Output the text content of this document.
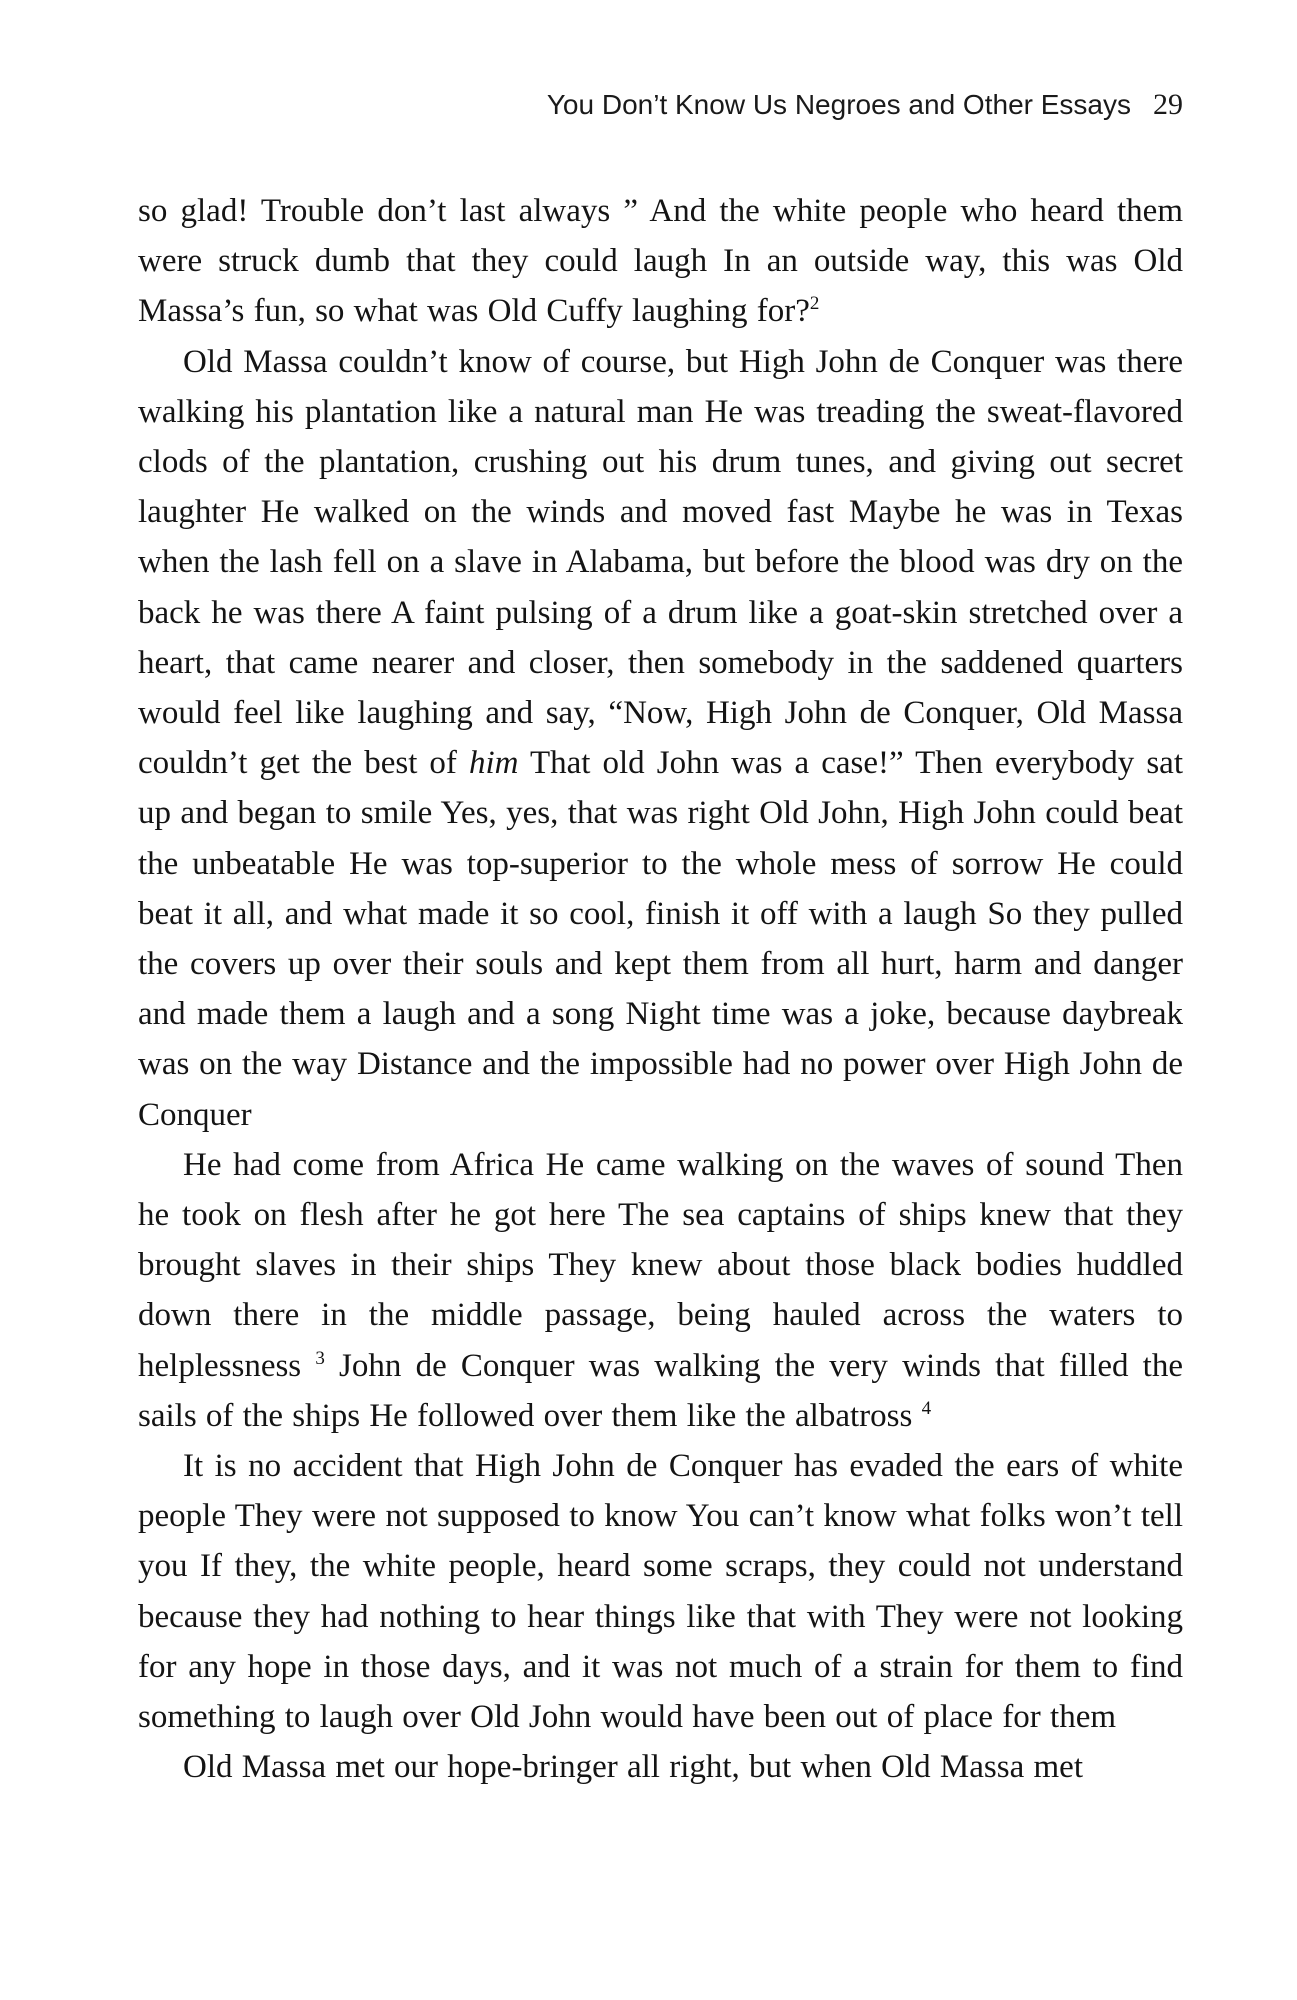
You Don’t Know Us Negroes and Other Essays 29

so glad! Trouble don’t last always ” And the white people who heard them were struck dumb that they could laugh In an outside way, this was Old Massa’s fun, so what was Old Cuffy laughing for?$^2$

Old Massa couldn’t know of course, but High John de Conquer was there walking his plantation like a natural man He was treading the sweat-flavored clods of the plantation, crushing out his drum tunes, and giving out secret laughter He walked on the winds and moved fast Maybe he was in Texas when the lash fell on a slave in Alabama, but before the blood was dry on the back he was there A faint pulsing of a drum like a goat-skin stretched over a heart, that came nearer and closer, then somebody in the saddened quarters would feel like laughing and say, “Now, High John de Conquer, Old Massa couldn’t get the best of him That old John was a case!” Then everybody sat up and began to smile Yes, yes, that was right Old John, High John could beat the unbeatable He was top-superior to the whole mess of sorrow He could beat it all, and what made it so cool, finish it off with a laugh So they pulled the covers up over their souls and kept them from all hurt, harm and danger and made them a laugh and a song Night time was a joke, because daybreak was on the way Distance and the impossible had no power over High John de Conquer

He had come from Africa He came walking on the waves of sound Then he took on flesh after he got here The sea captains of ships knew that they brought slaves in their ships They knew about those black bodies huddled down there in the middle passage, being hauled across the waters to helplessness $^3$ John de Conquer was walking the very winds that filled the sails of the ships He followed over them like the albatross $^4$

It is no accident that High John de Conquer has evaded the ears of white people They were not supposed to know You can’t know what folks won’t tell you If they, the white people, heard some scraps, they could not understand because they had nothing to hear things like that with They were not looking for any hope in those days, and it was not much of a strain for them to find something to laugh over Old John would have been out of place for them

Old Massa met our hope-bringer all right, but when Old Massa met
